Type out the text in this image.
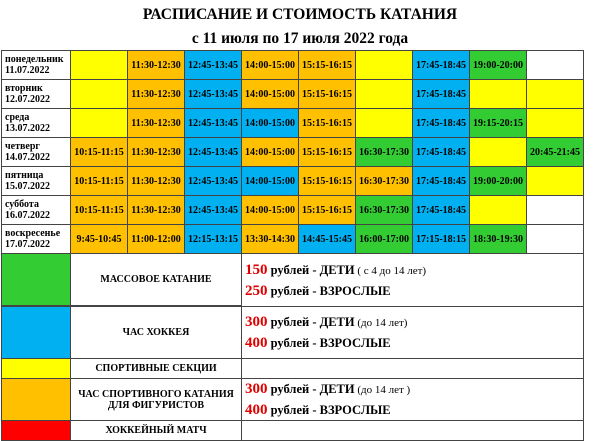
РАСПИСАНИЕ И СТОИМОСТЬ КАТАНИЯ
с 11 июля по 17 июля 2022 года
понедельник
11.07.2022		11:30-12:30	12:45-13:45	14:00-15:00	15:15-16:15		17:45-18:45	19:00-20:00	

вторник
12.07.2022		11:30-12:30	12:45-13:45	14:00-15:00	15:15-16:15		17:45-18:45		

среда
13.07.2022		11:30-12:30	12:45-13:45	14:00-15:00	15:15-16:15		17:45-18:45	19:15-20:15	

четверг
14.07.2022	10:15-11:15	11:30-12:30	12:45-13:45	14:00-15:00	15:15-16:15	16:30-17:30	17:45-18:45		20:45-21:45

пятница
15.07.2022	10:15-11:15	11:30-12:30	12:45-13:45	14:00-15:00	15:15-16:15	16:30-17:30	17:45-18:45	19:00-20:00	

суббота
16.07.2022	10:15-11:15	11:30-12:30	12:45-13:45	14:00-15:00	15:15-16:15	16:30-17:30	17:45-18:45		

воскресенье
17.07.2022	9:45-10:45	11:00-12:00	12:15-13:15	13:30-14:30	14:45-15:45	16:00-17:00	17:15-18:15	18:30-19:30	
	МАССОВОЕ КАТАНИЕ			150 рублей - ДЕТИ ( с 4 до 14 лет)
250 рублей - ВЗРОСЛЫЕ					

	ЧАС ХОККЕЯ			300 рублей - ДЕТИ (до 14 лет)
400 рублей - ВЗРОСЛЫЕ					

	СПОРТИВНЫЕ СЕКЦИИ								

	ЧАС СПОРТИВНОГО КАТАНИЯ
ДЛЯ ФИГУРИСТОВ			300 рублей - ДЕТИ (до 14 лет )
400 рублей - ВЗРОСЛЫЕ					

	ХОККЕЙНЫЙ МАТЧ								
